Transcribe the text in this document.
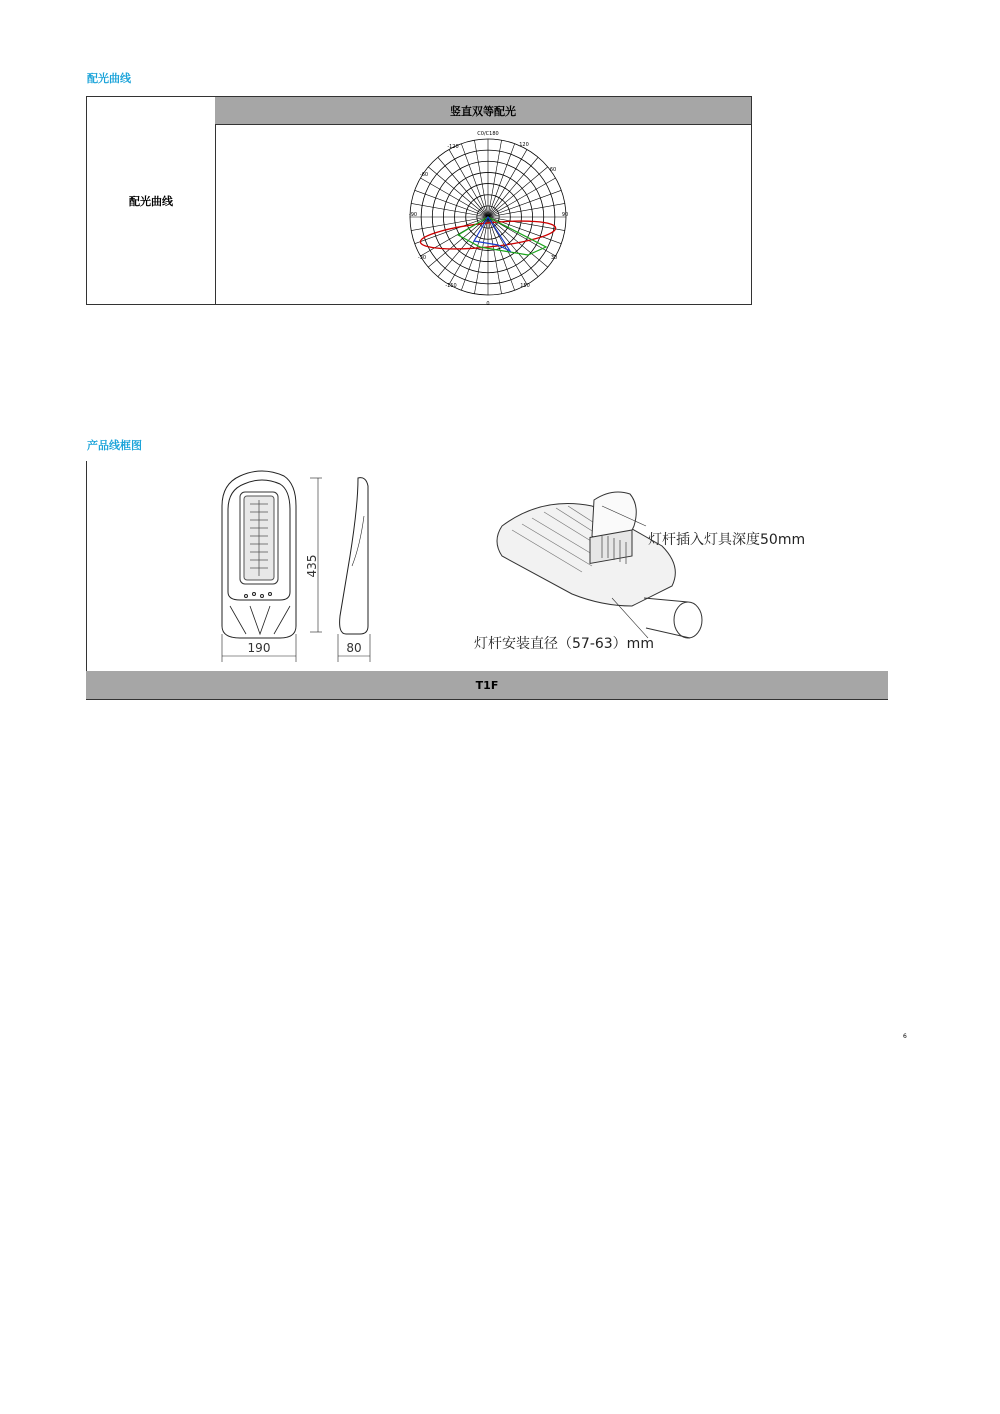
配光曲线
配光曲线
竖直双等配光
C0/C180
0
-120	120
-60
60
-90	90
-30	30
-150	150
产品线框图
435
190	80
灯杆插入灯具深度50mm
灯杆安装直径（57-63）mm
T1F
6
